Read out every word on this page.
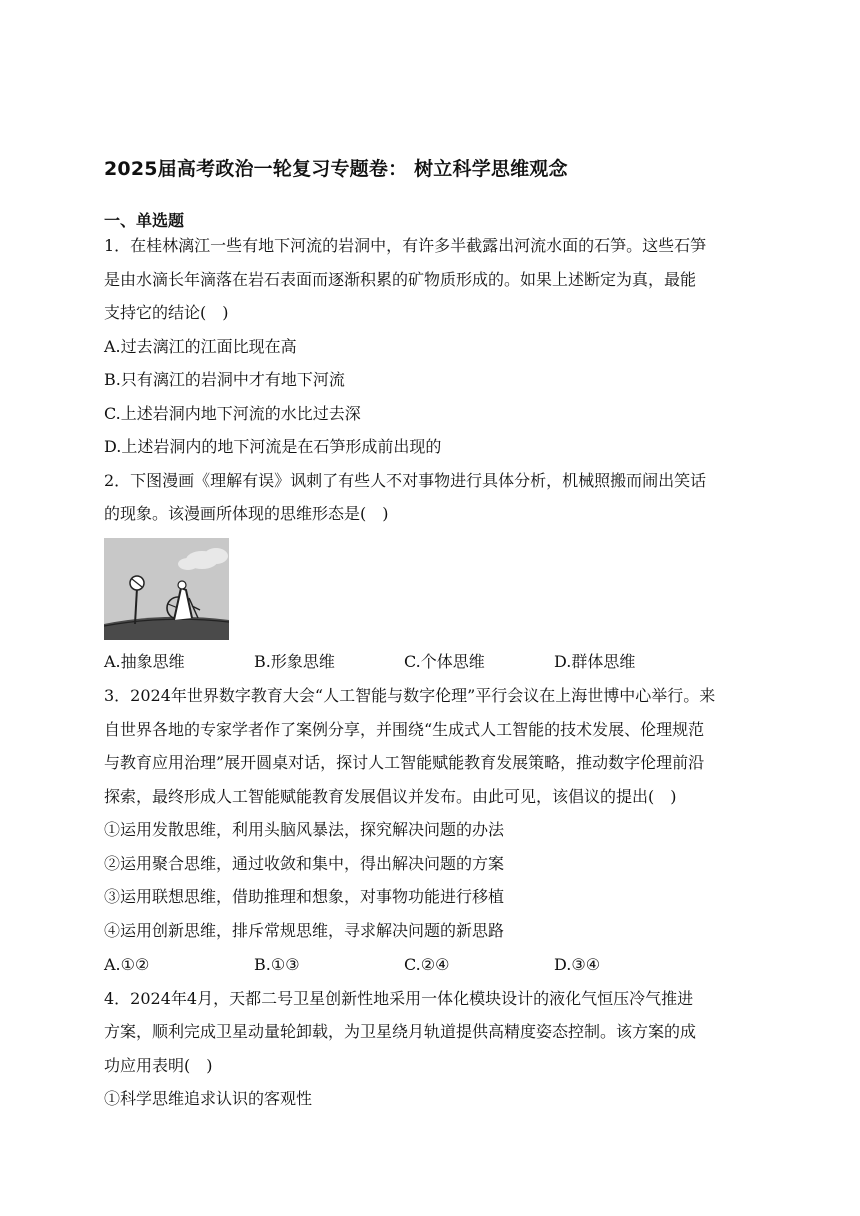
2025届高考政治一轮复习专题卷： 树立科学思维观念
一、单选题
1．在桂林漓江一些有地下河流的岩洞中，有许多半截露出河流水面的石笋。这些石笋
是由水滴长年滴落在岩石表面而逐渐积累的矿物质形成的。如果上述断定为真，最能
支持它的结论(　)
A.过去漓江的江面比现在高
B.只有漓江的岩洞中才有地下河流
C.上述岩洞内地下河流的水比过去深
D.上述岩洞内的地下河流是在石笋形成前出现的
2．下图漫画《理解有误》讽刺了有些人不对事物进行具体分析，机械照搬而闹出笑话
的现象。该漫画所体现的思维形态是(　)
A.抽象思维	B.形象思维	C.个体思维	D.群体思维
3．2024年世界数字教育大会“人工智能与数字伦理”平行会议在上海世博中心举行。来
自世界各地的专家学者作了案例分享，并围绕“生成式人工智能的技术发展、伦理规范
与教育应用治理”展开圆桌对话，探讨人工智能赋能教育发展策略，推动数字伦理前沿
探索，最终形成人工智能赋能教育发展倡议并发布。由此可见，该倡议的提出(　)
①运用发散思维，利用头脑风暴法，探究解决问题的办法
②运用聚合思维，通过收敛和集中，得出解决问题的方案
③运用联想思维，借助推理和想象，对事物功能进行移植
④运用创新思维，排斥常规思维，寻求解决问题的新思路
A.①②	B.①③	C.②④	D.③④
4．2024年4月，天都二号卫星创新性地采用一体化模块设计的液化气恒压冷气推进
方案，顺利完成卫星动量轮卸载，为卫星绕月轨道提供高精度姿态控制。该方案的成
功应用表明(　)
①科学思维追求认识的客观性
